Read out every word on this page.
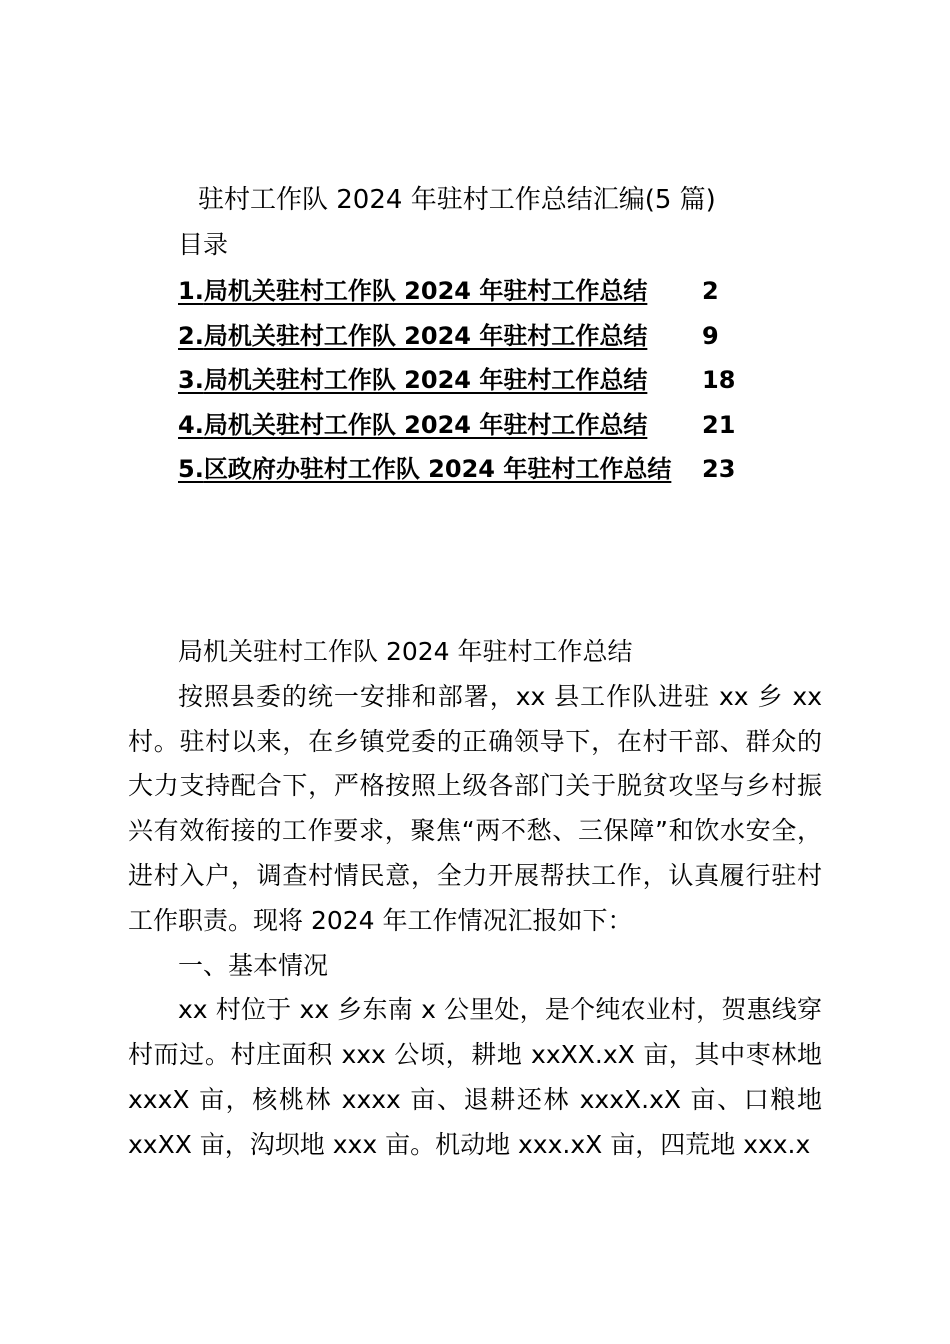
驻村工作队 2024 年驻村工作总结汇编(5 篇)
目录
1.局机关驻村工作队 2024 年驻村工作总结 2
2.局机关驻村工作队 2024 年驻村工作总结 9
3.局机关驻村工作队 2024 年驻村工作总结 18
4.局机关驻村工作队 2024 年驻村工作总结 21
5.区政府办驻村工作队 2024 年驻村工作总结 23

局机关驻村工作队 2024 年驻村工作总结

按照县委的统一安排和部署，xx 县工作队进驻 xx 乡 xx 村。驻村以来，在乡镇党委的正确领导下，在村干部、群众的大力支持配合下，严格按照上级各部门关于脱贫攻坚与乡村振兴有效衔接的工作要求，聚焦“两不愁、三保障”和饮水安全，进村入户，调查村情民意，全力开展帮扶工作，认真履行驻村工作职责。现将 2024 年工作情况汇报如下：

一、基本情况

xx 村位于 xx 乡东南 x 公里处，是个纯农业村，贺惠线穿村而过。村庄面积 xxx 公顷，耕地 xxXX.xX 亩，其中枣林地 xxxX 亩，核桃林 xxxx 亩、退耕还林 xxxX.xX 亩、口粮地 xxXX 亩，沟坝地 xxx 亩。机动地 xxx.xX 亩，四荒地 xxx.x
